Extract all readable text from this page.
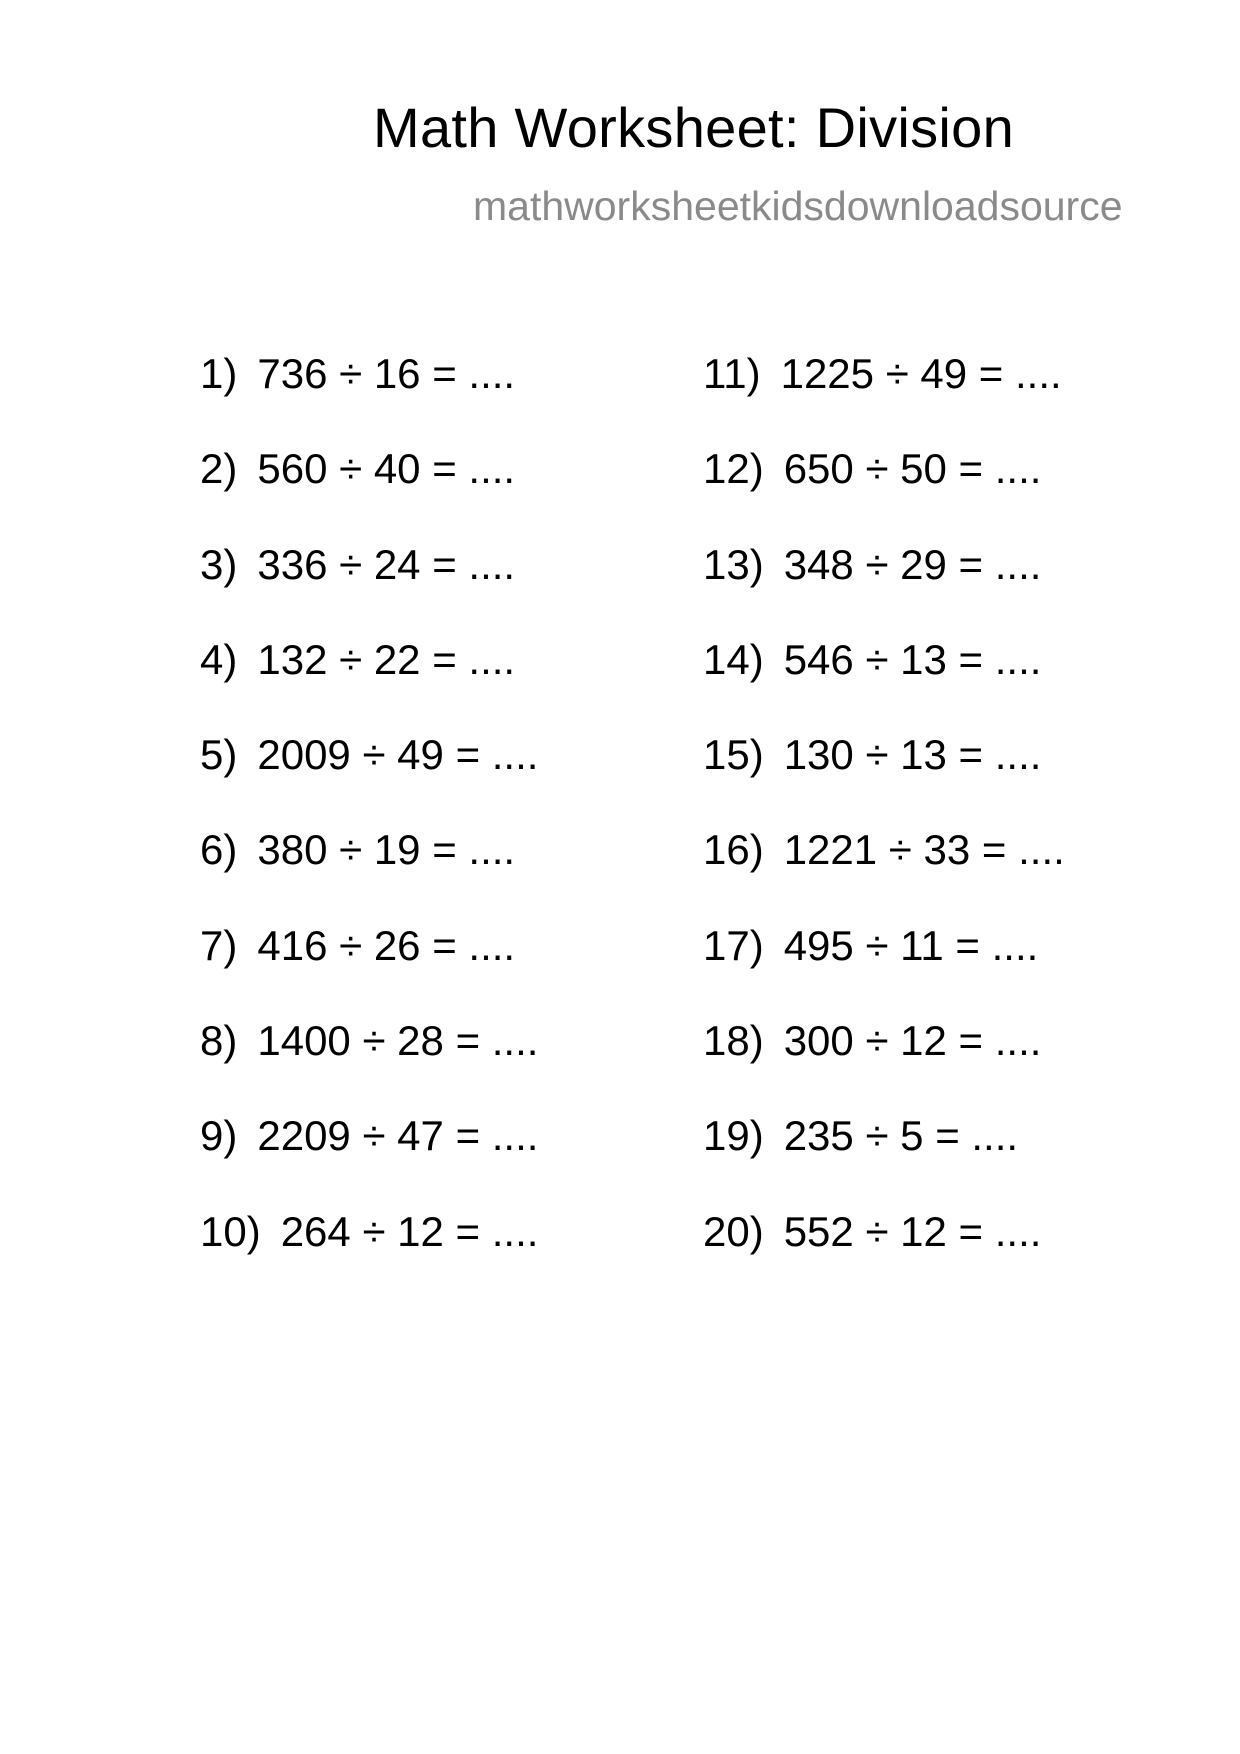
Math Worksheet: Division
mathworksheetkidsdownloadsource
1) 736 ÷ 16 = ....
2) 560 ÷ 40 = ....
3) 336 ÷ 24 = ....
4) 132 ÷ 22 = ....
5) 2009 ÷ 49 = ....
6) 380 ÷ 19 = ....
7) 416 ÷ 26 = ....
8) 1400 ÷ 28 = ....
9) 2209 ÷ 47 = ....
10) 264 ÷ 12 = ....
11) 1225 ÷ 49 = ....
12) 650 ÷ 50 = ....
13) 348 ÷ 29 = ....
14) 546 ÷ 13 = ....
15) 130 ÷ 13 = ....
16) 1221 ÷ 33 = ....
17) 495 ÷ 11 = ....
18) 300 ÷ 12 = ....
19) 235 ÷ 5 = ....
20) 552 ÷ 12 = ....
